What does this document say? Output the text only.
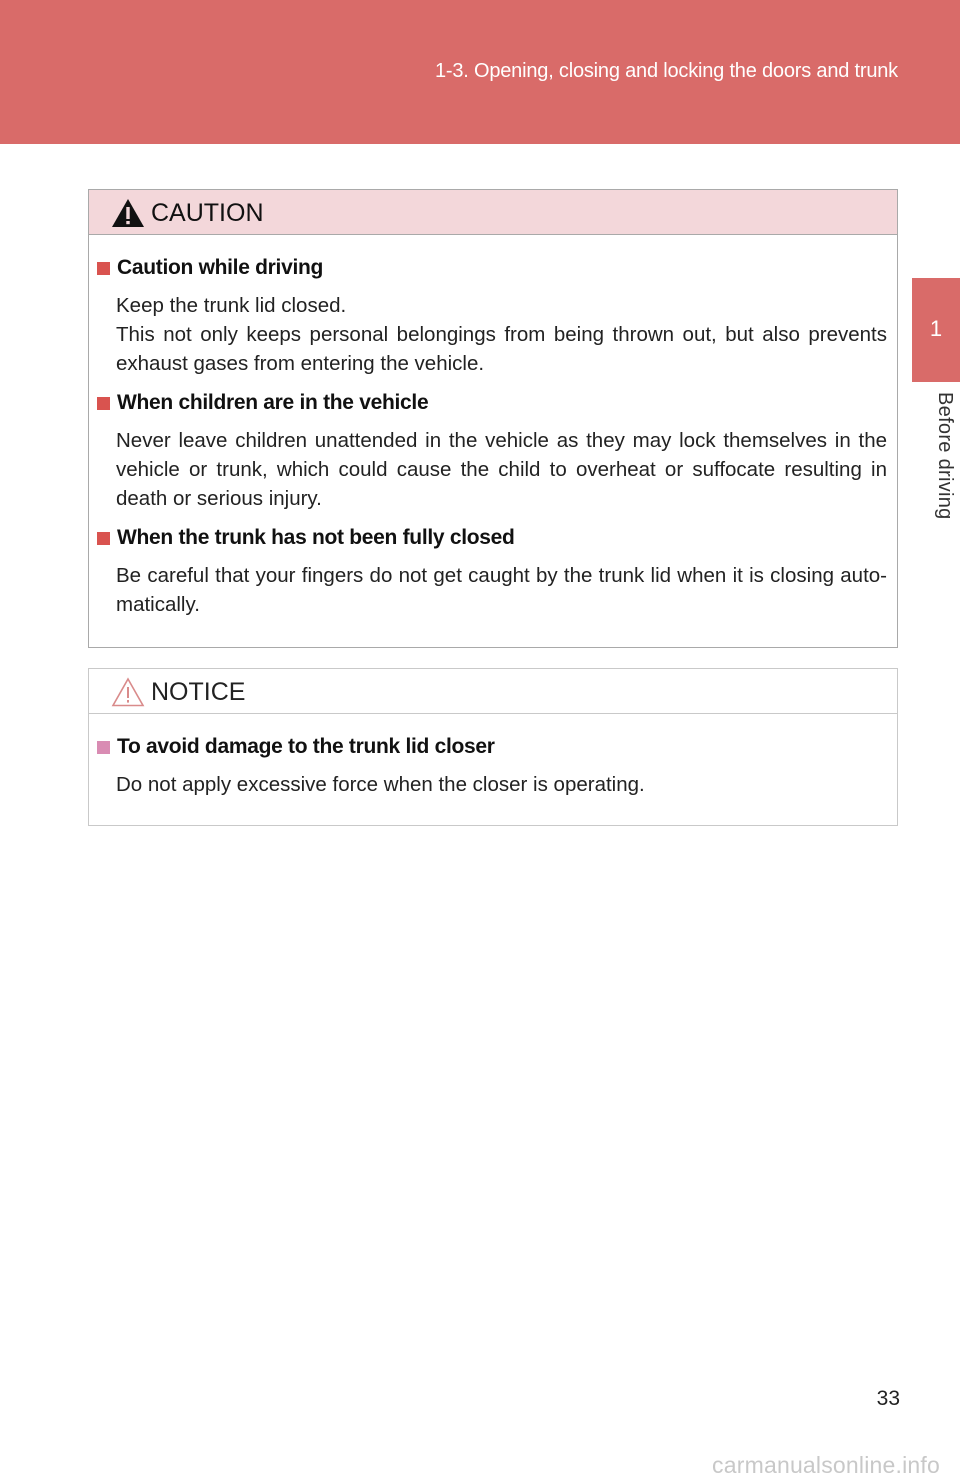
1-3. Opening, closing and locking the doors and trunk
1
Before driving
CAUTION
Caution while driving

Keep the trunk lid closed.

This not only keeps personal belongings from being thrown out, but also prevents exhaust gases from entering the vehicle.

When children are in the vehicle

Never leave children unattended in the vehicle as they may lock themselves in the vehicle or trunk, which could cause the child to overheat or suffocate resulting in death or serious injury.

When the trunk has not been fully closed

Be careful that your fingers do not get caught by the trunk lid when it is closing auto-matically.

NOTICE
To avoid damage to the trunk lid closer

Do not apply excessive force when the closer is operating.

33
carmanualsonline.info
